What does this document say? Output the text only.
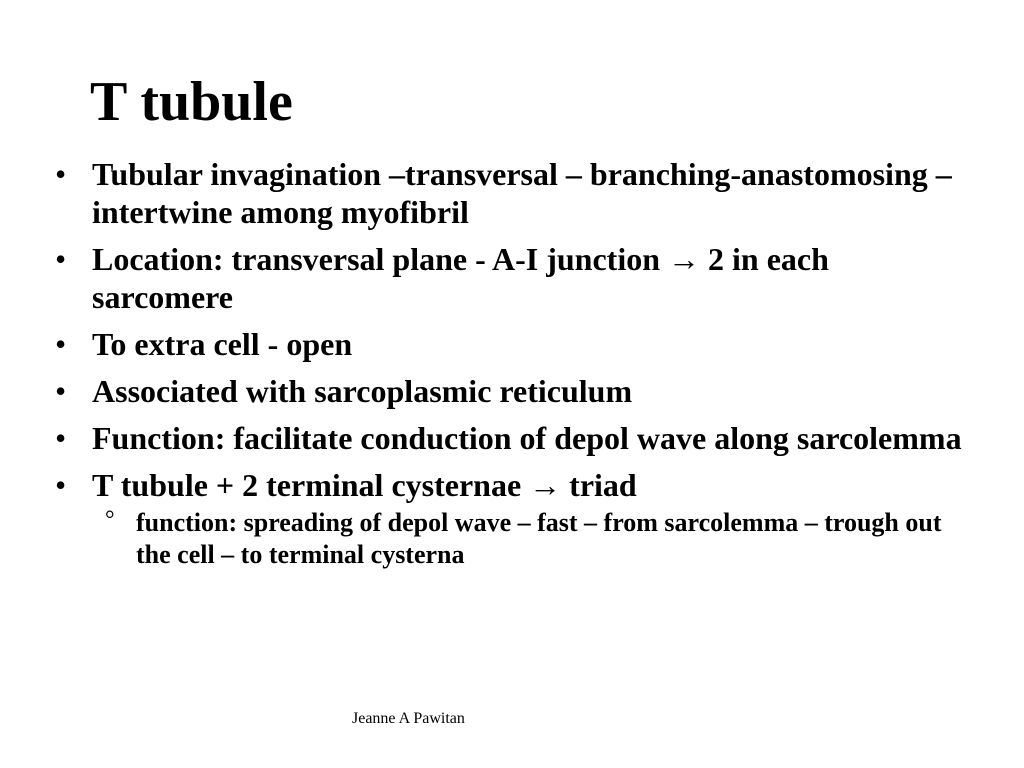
T tubule
• Tubular invagination –transversal – branching-anastomosing – intertwine among myofibril
• Location: transversal plane - A-I junction → 2 in each sarcomere
• To extra cell - open
• Associated with sarcoplasmic reticulum
• Function: facilitate conduction of depol wave along sarcolemma
• T tubule + 2 terminal cysternae → triad
° function: spreading of depol wave – fast – from sarcolemma – trough out the cell – to terminal cysterna
Jeanne A Pawitan
